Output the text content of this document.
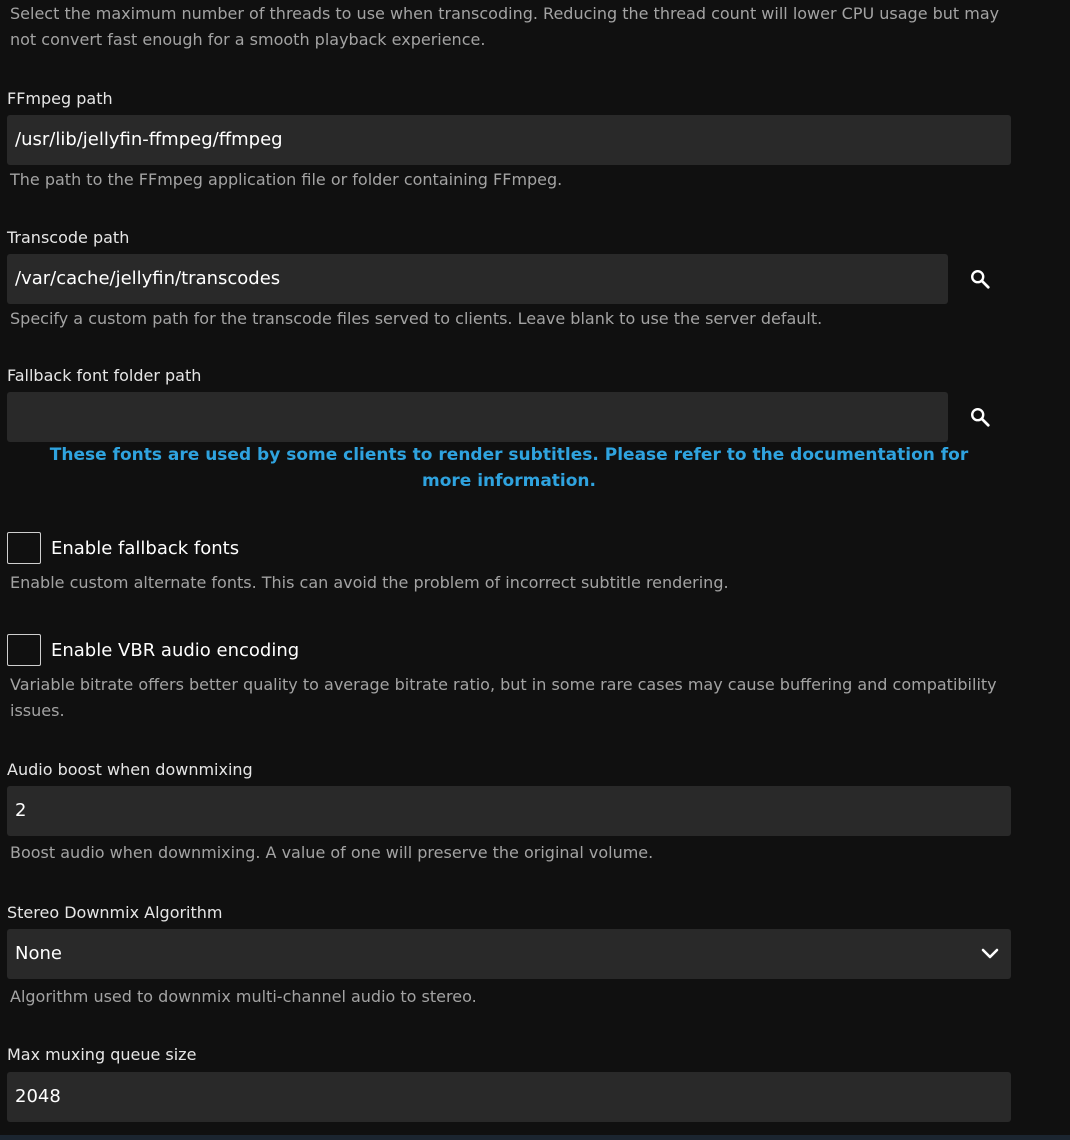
Select the maximum number of threads to use when transcoding. Reducing the thread count will lower CPU usage but may not convert fast enough for a smooth playback experience.
FFmpeg path
/usr/lib/jellyfin-ffmpeg/ffmpeg
The path to the FFmpeg application file or folder containing FFmpeg.
Transcode path
/var/cache/jellyfin/transcodes
Specify a custom path for the transcode files served to clients. Leave blank to use the server default.
Fallback font folder path
These fonts are used by some clients to render subtitles. Please refer to the documentation for more information.
Enable fallback fonts
Enable custom alternate fonts. This can avoid the problem of incorrect subtitle rendering.
Enable VBR audio encoding
Variable bitrate offers better quality to average bitrate ratio, but in some rare cases may cause buffering and compatibility issues.
Audio boost when downmixing
2
Boost audio when downmixing. A value of one will preserve the original volume.
Stereo Downmix Algorithm
None
Algorithm used to downmix multi-channel audio to stereo.
Max muxing queue size
2048
